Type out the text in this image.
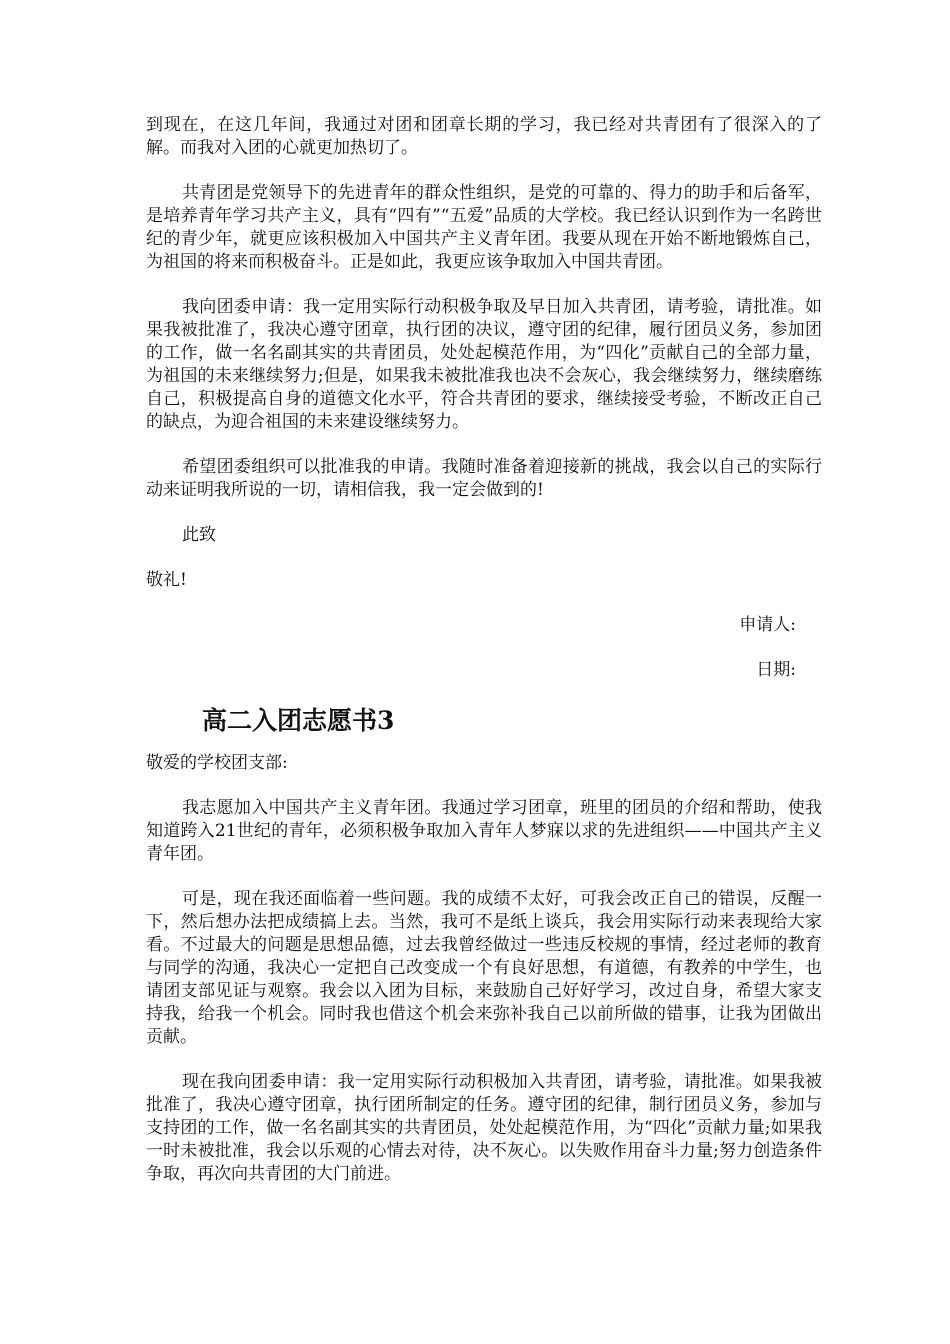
到现在，在这几年间，我通过对团和团章长期的学习，我已经对共青团有了很深入的了解。而我对入团的心就更加热切了。

共青团是党领导下的先进青年的群众性组织，是党的可靠的、得力的助手和后备军，是培养青年学习共产主义，具有“四有”“五爱”品质的大学校。我已经认识到作为一名跨世纪的青少年，就更应该积极加入中国共产主义青年团。我要从现在开始不断地锻炼自己，为祖国的将来而积极奋斗。正是如此，我更应该争取加入中国共青团。

我向团委申请：我一定用实际行动积极争取及早日加入共青团，请考验，请批准。如果我被批准了，我决心遵守团章，执行团的决议，遵守团的纪律，履行团员义务，参加团的工作，做一名名副其实的共青团员，处处起模范作用，为“四化”贡献自己的全部力量，为祖国的未来继续努力;但是，如果我未被批准我也决不会灰心，我会继续努力，继续磨练自己，积极提高自身的道德文化水平，符合共青团的要求，继续接受考验，不断改正自己的缺点，为迎合祖国的未来建设继续努力。

希望团委组织可以批准我的申请。我随时准备着迎接新的挑战，我会以自己的实际行动来证明我所说的一切，请相信我，我一定会做到的!

此致

敬礼!

申请人:

日期:

高二入团志愿书3

敬爱的学校团支部:

我志愿加入中国共产主义青年团。我通过学习团章，班里的团员的介绍和帮助，使我知道跨入21世纪的青年，必须积极争取加入青年人梦寐以求的先进组织——中国共产主义青年团。

可是，现在我还面临着一些问题。我的成绩不太好，可我会改正自己的错误，反醒一下，然后想办法把成绩搞上去。当然，我可不是纸上谈兵，我会用实际行动来表现给大家看。不过最大的问题是思想品德，过去我曾经做过一些违反校规的事情，经过老师的教育与同学的沟通，我决心一定把自己改变成一个有良好思想，有道德，有教养的中学生，也请团支部见证与观察。我会以入团为目标，来鼓励自己好好学习，改过自身，希望大家支持我，给我一个机会。同时我也借这个机会来弥补我自己以前所做的错事，让我为团做出贡献。

现在我向团委申请：我一定用实际行动积极加入共青团，请考验，请批准。如果我被批准了，我决心遵守团章，执行团所制定的任务。遵守团的纪律，制行团员义务，参加与支持团的工作，做一名名副其实的共青团员，处处起模范作用，为“四化”贡献力量;如果我一时未被批准，我会以乐观的心情去对待，决不灰心。以失败作用奋斗力量;努力创造条件争取，再次向共青团的大门前进。
